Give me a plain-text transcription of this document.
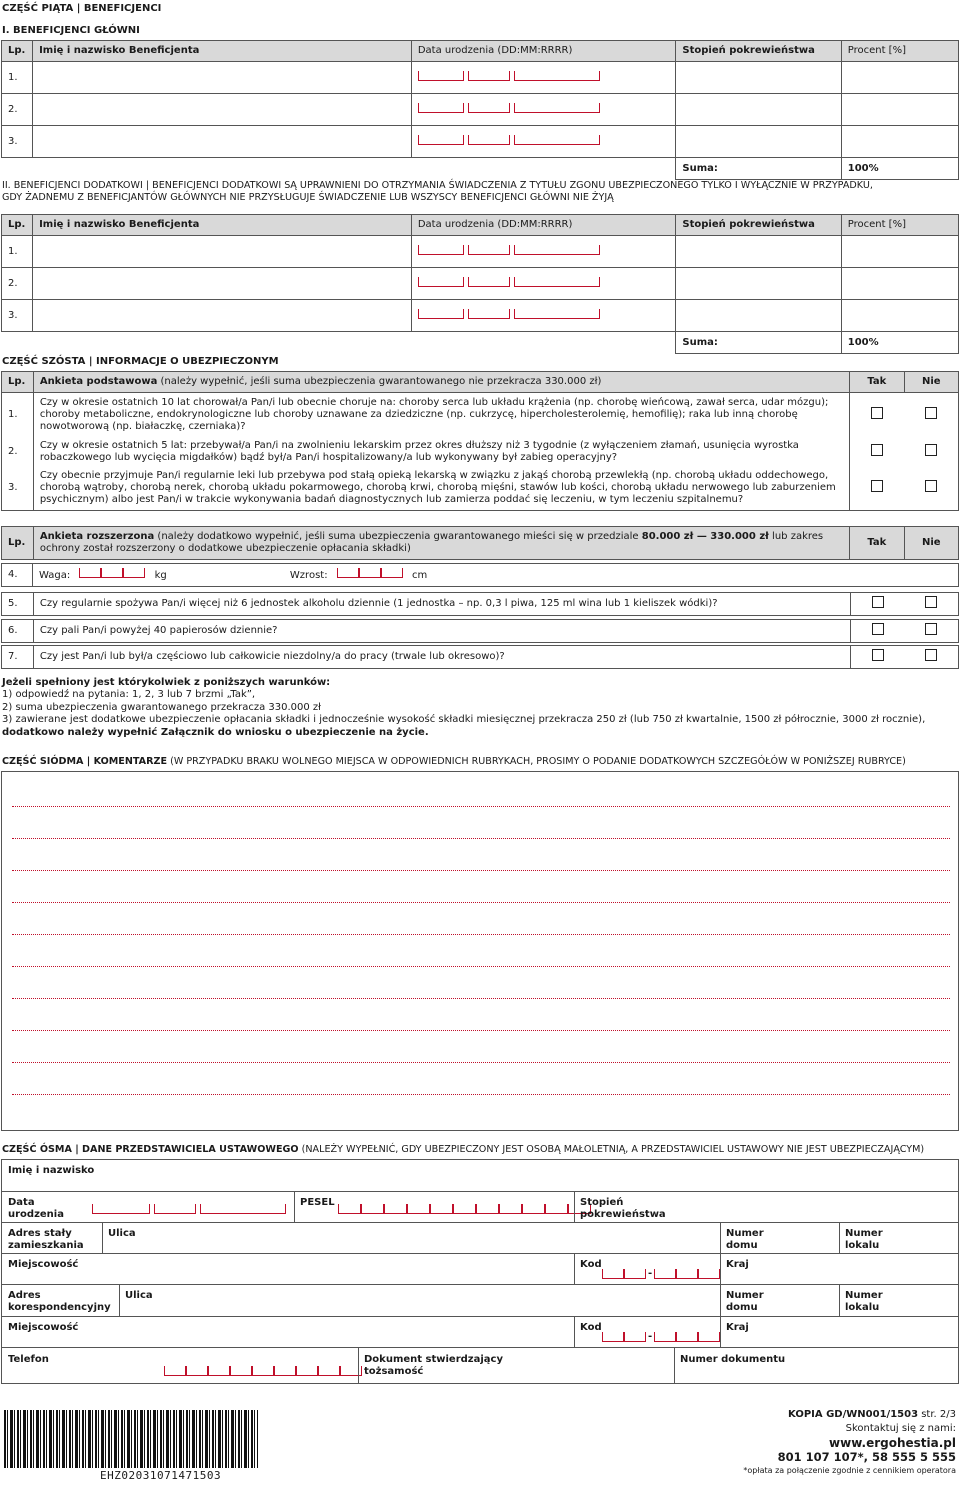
CZĘŚĆ PIĄTA | BENEFICJENCI
I. BENEFICJENCI GŁÓWNI
Lp.	Imię i nazwisko Beneficjenta	Data urodzenia (DD:MM:RRRR)	Stopień pokrewieństwa	Procent [%]
1.		

2.		

3.		

			Suma:	100%
II. BENEFICJENCI DODATKOWI | BENEFICJENCI DODATKOWI SĄ UPRAWNIENI DO OTRZYMANIA ŚWIADCZENIA Z TYTUŁU ZGONU UBEZPIECZONEGO TYLKO I WYŁĄCZNIE W PRZYPADKU,
GDY ŻADNEMU Z BENEFICJANTÓW GŁÓWNYCH NIE PRZYSŁUGUJE ŚWIADCZENIE LUB WSZYSCY BENEFICJENCI GŁÓWNI NIE ŻYJĄ
Lp.	Imię i nazwisko Beneficjenta	Data urodzenia (DD:MM:RRRR)	Stopień pokrewieństwa	Procent [%]
1.		

2.		

3.		

			Suma:	100%
CZĘŚĆ SZÓSTA | INFORMACJE O UBEZPIECZONYM
Lp.	Ankieta podstawowa (należy wypełnić, jeśli suma ubezpieczenia gwarantowanego nie przekracza 330.000 zł)	Tak	Nie
1.	Czy w okresie ostatnich 10 lat chorował/a Pan/i lub obecnie choruje na: choroby serca lub układu krążenia (np. chorobę wieńcową, zawał serca, udar mózgu); choroby metaboliczne, endokrynologiczne lub choroby uznawane za dziedziczne (np. cukrzycę, hipercholesterolemię, hemofilię); raka lub inną chorobę nowotworową (np. białaczkę, czerniaka)?		
2.	Czy w okresie ostatnich 5 lat: przebywał/a Pan/i na zwolnieniu lekarskim przez okres dłuższy niż 3 tygodnie (z wyłączeniem złamań, usunięcia wyrostka robaczkowego lub wycięcia migdałków) bądź był/a Pan/i hospitalizowany/a lub wykonywany był zabieg operacyjny?		
3.	Czy obecnie przyjmuje Pan/i regularnie leki lub przebywa pod stałą opieką lekarską w związku z jakąś chorobą przewlekłą (np. chorobą układu oddechowego, chorobą wątroby, chorobą nerek, chorobą układu pokarmowego, chorobą krwi, chorobą mięśni, stawów lub kości, chorobą układu nerwowego lub zaburzeniem psychicznym) albo jest Pan/i w trakcie wykonywania badań diagnostycznych lub zamierza poddać się leczeniu, w tym leczeniu szpitalnemu?		
Lp.	Ankieta rozszerzona (należy dodatkowo wypełnić, jeśli suma ubezpieczenia gwarantowanego mieści się w przedziale 80.000 zł — 330.000 zł lub zakres ochrony został rozszerzony o dodatkowe ubezpieczenie opłacania składki)	Tak	Nie
4.	Waga:	kg	Wzrost:	cm
5.	Czy regularnie spożywa Pan/i więcej niż 6 jednostek alkoholu dziennie (1 jednostka – np. 0,3 l piwa, 125 ml wina lub 1 kieliszek wódki)?		
6.	Czy pali Pan/i powyżej 40 papierosów dziennie?		
7.	Czy jest Pan/i lub był/a częściowo lub całkowicie niezdolny/a do pracy (trwale lub okresowo)?		
Jeżeli spełniony jest którykolwiek z poniższych warunków:
1) odpowiedź na pytania: 1, 2, 3 lub 7 brzmi „Tak”,
2) suma ubezpieczenia gwarantowanego przekracza 330.000 zł
3) zawierane jest dodatkowe ubezpieczenie opłacania składki i jednocześnie wysokość składki miesięcznej przekracza 250 zł (lub 750 zł kwartalnie, 1500 zł półrocznie, 3000 zł rocznie),
dodatkowo należy wypełnić Załącznik do wniosku o ubezpieczenie na życie.
CZĘŚĆ SIÓDMA | KOMENTARZE (W PRZYPADKU BRAKU WOLNEGO MIEJSCA W ODPOWIEDNICH RUBRYKACH, PROSIMY O PODANIE DODATKOWYCH SZCZEGÓŁÓW W PONIŻSZEJ RUBRYCE)
CZĘŚĆ ÓSMA | DANE PRZEDSTAWICIELA USTAWOWEGO (NALEŻY WYPEŁNIĆ, GDY UBEZPIECZONY JEST OSOBĄ MAŁOLETNIĄ, A PRZEDSTAWICIEL USTAWOWY NIE JEST UBEZPIECZAJĄCYM)
Imię i nazwisko
Data urodzenia
PESEL	Stopień pokrewieństwa
Adres stały zamieszkania
Ulica	Numer domu
Numer lokalu
Miejscowość	Kod
-
Kraj
Adres korespondencyjny
Ulica	Numer domu
Numer lokalu
Miejscowość	Kod
-
Kraj
Telefon	Dokument stwierdzający tożsamość
Numer dokumentu
EHZ02031071471503
KOPIA GD/WN001/1503 str. 2/3
Skontaktuj się z nami:
www.ergohestia.pl
801 107 107*, 58 555 5 555
*opłata za połączenie zgodnie z cennikiem operatora
